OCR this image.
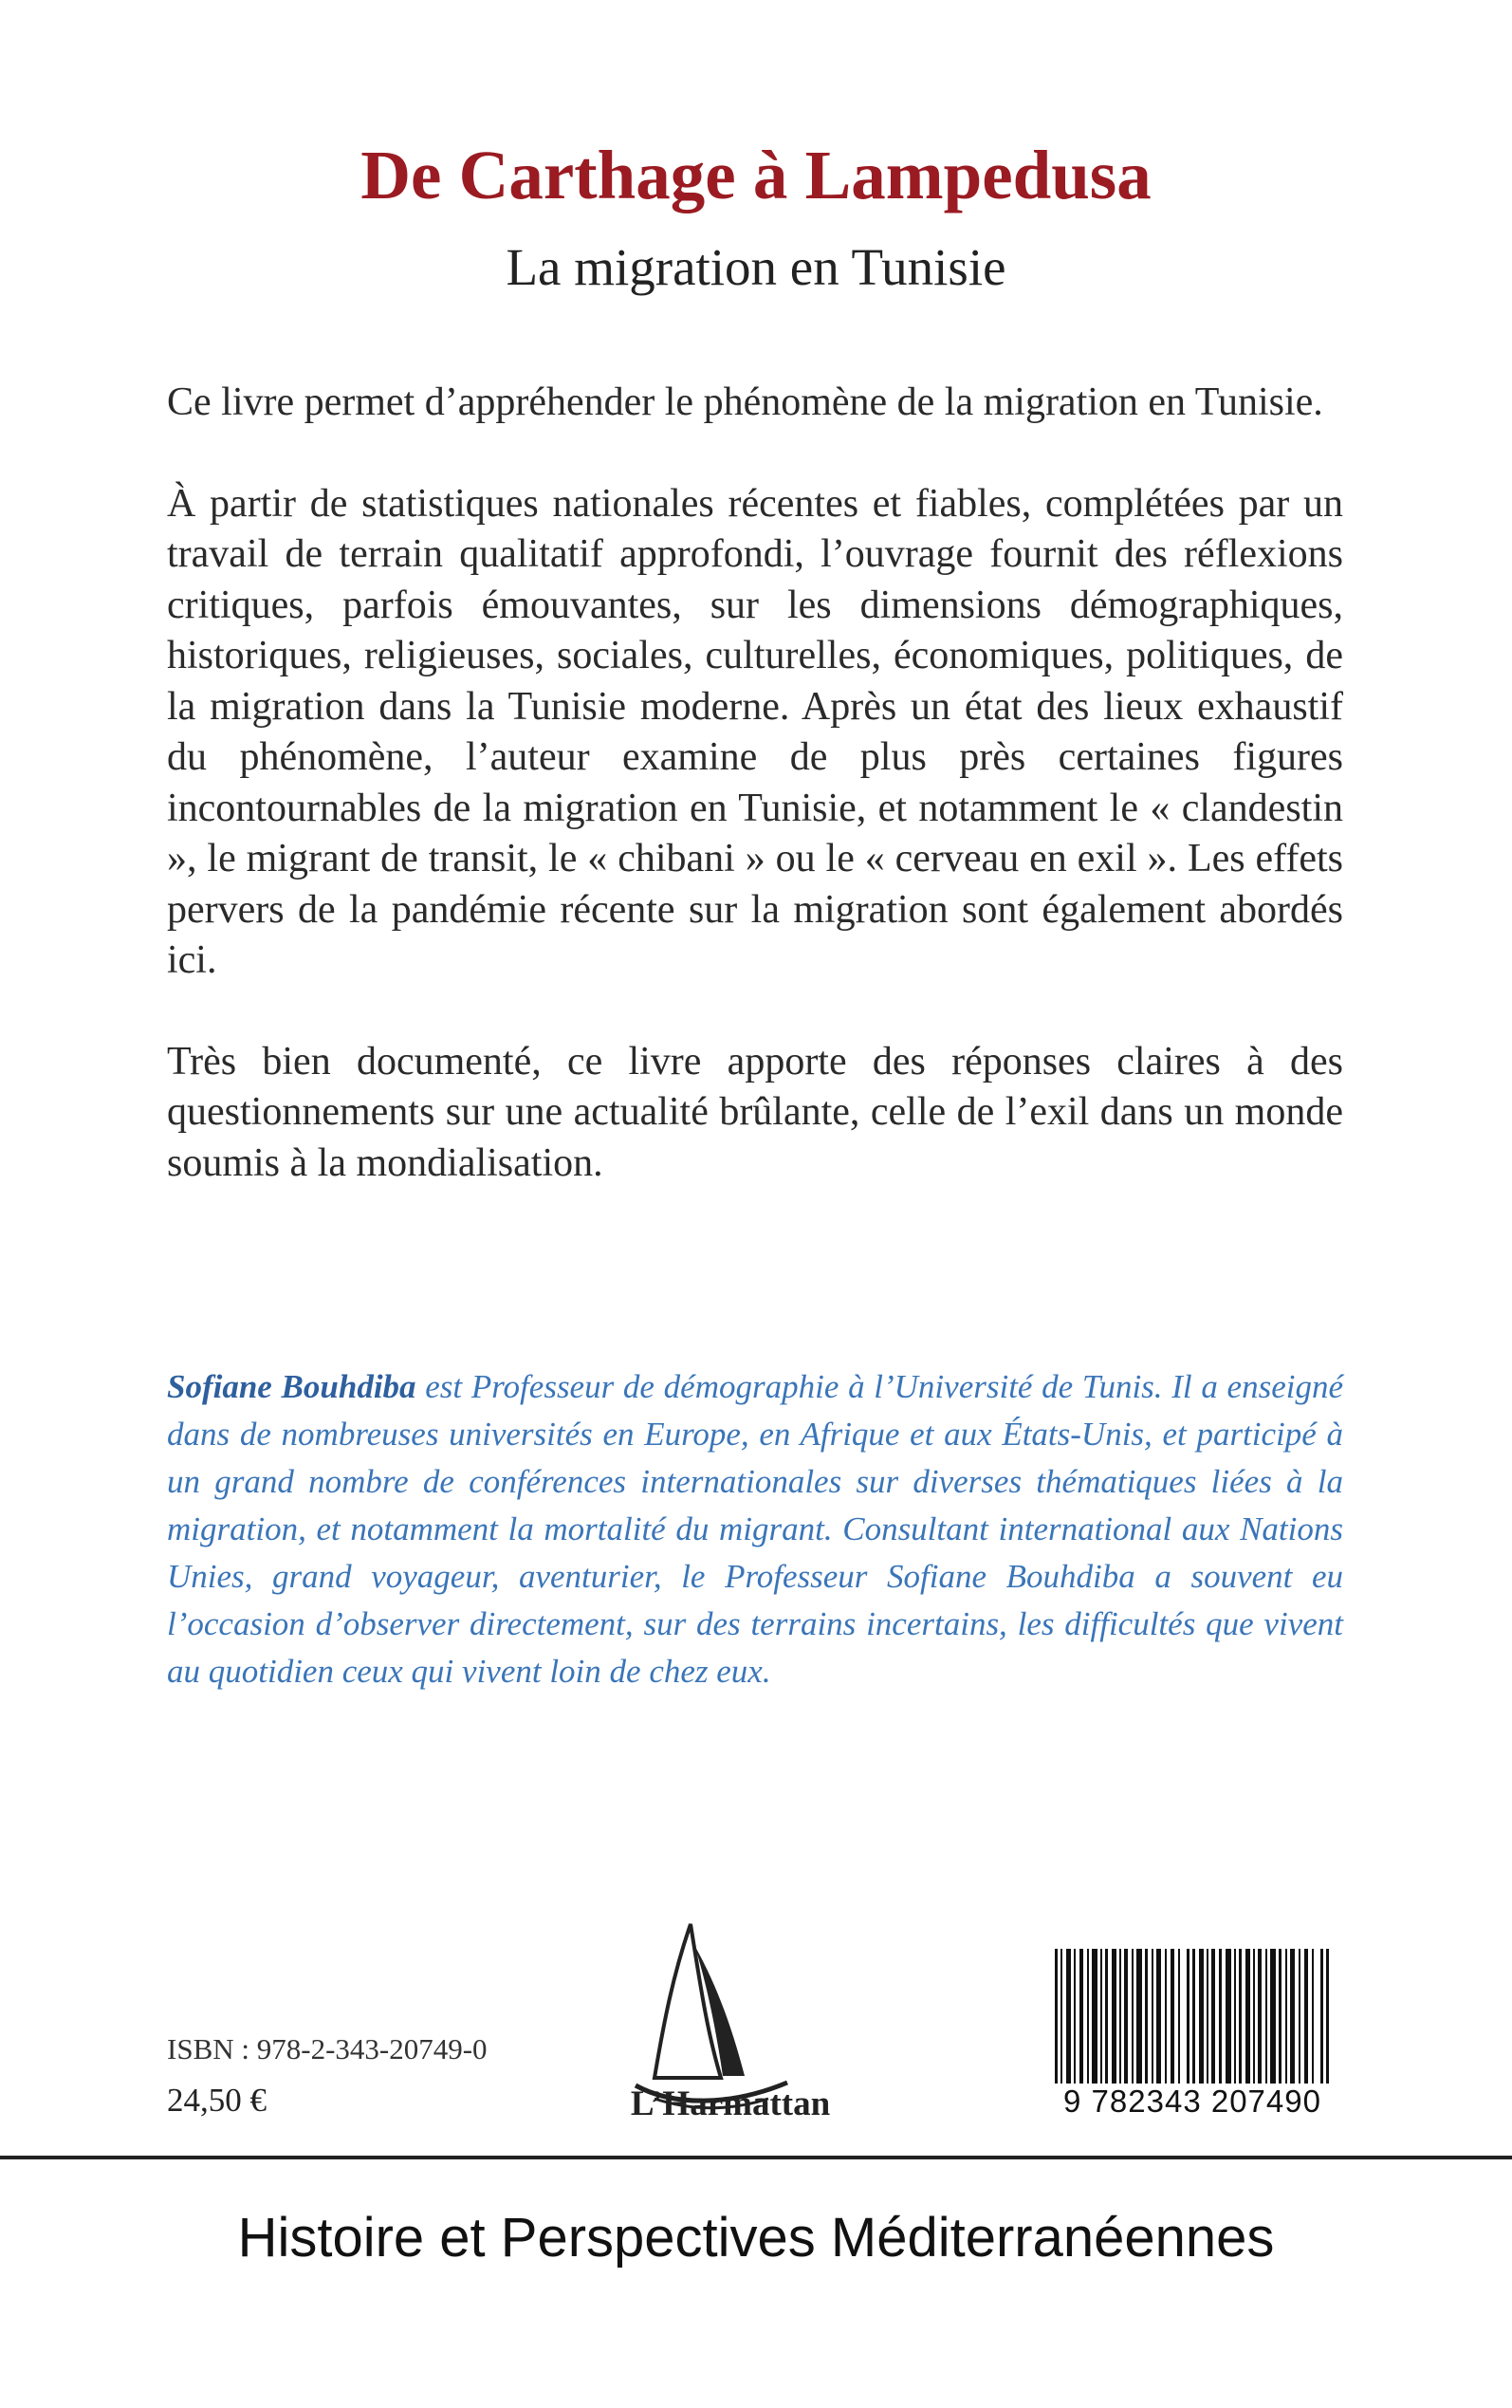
De Carthage à Lampedusa
La migration en Tunisie

Ce livre permet d’appréhender le phénomène de la migration en Tunisie.

À partir de statistiques nationales récentes et fiables, complétées par un travail de terrain qualitatif approfondi, l’ouvrage fournit des réflexions critiques, parfois émouvantes, sur les dimensions démographiques, historiques, religieuses, sociales, culturelles, économiques, politiques, de la migration dans la Tunisie moderne. Après un état des lieux exhaustif du phénomène, l’auteur examine de plus près certaines figures incontournables de la migration en Tunisie, et notamment le « clandestin », le migrant de transit, le « chibani » ou le « cerveau en exil ». Les effets pervers de la pandémie récente sur la migration sont également abordés ici.

Très bien documenté, ce livre apporte des réponses claires à des questionnements sur une actualité brûlante, celle de l’exil dans un monde soumis à la mondialisation.

Sofiane Bouhdiba est Professeur de démographie à l’Université de Tunis. Il a enseigné dans de nombreuses universités en Europe, en Afrique et aux États-Unis, et participé à un grand nombre de conférences internationales sur diverses thématiques liées à la migration, et notamment la mortalité du migrant. Consultant international aux Nations Unies, grand voyageur, aventurier, le Professeur Sofiane Bouhdiba a souvent eu l’occasion d’observer directement, sur des terrains incertains, les difficultés que vivent au quotidien ceux qui vivent loin de chez eux.
ISBN : 978-2-343-20749-0
24,50 €	L’Harmattan	9 782343 207490
Histoire et Perspectives Méditerranéennes
